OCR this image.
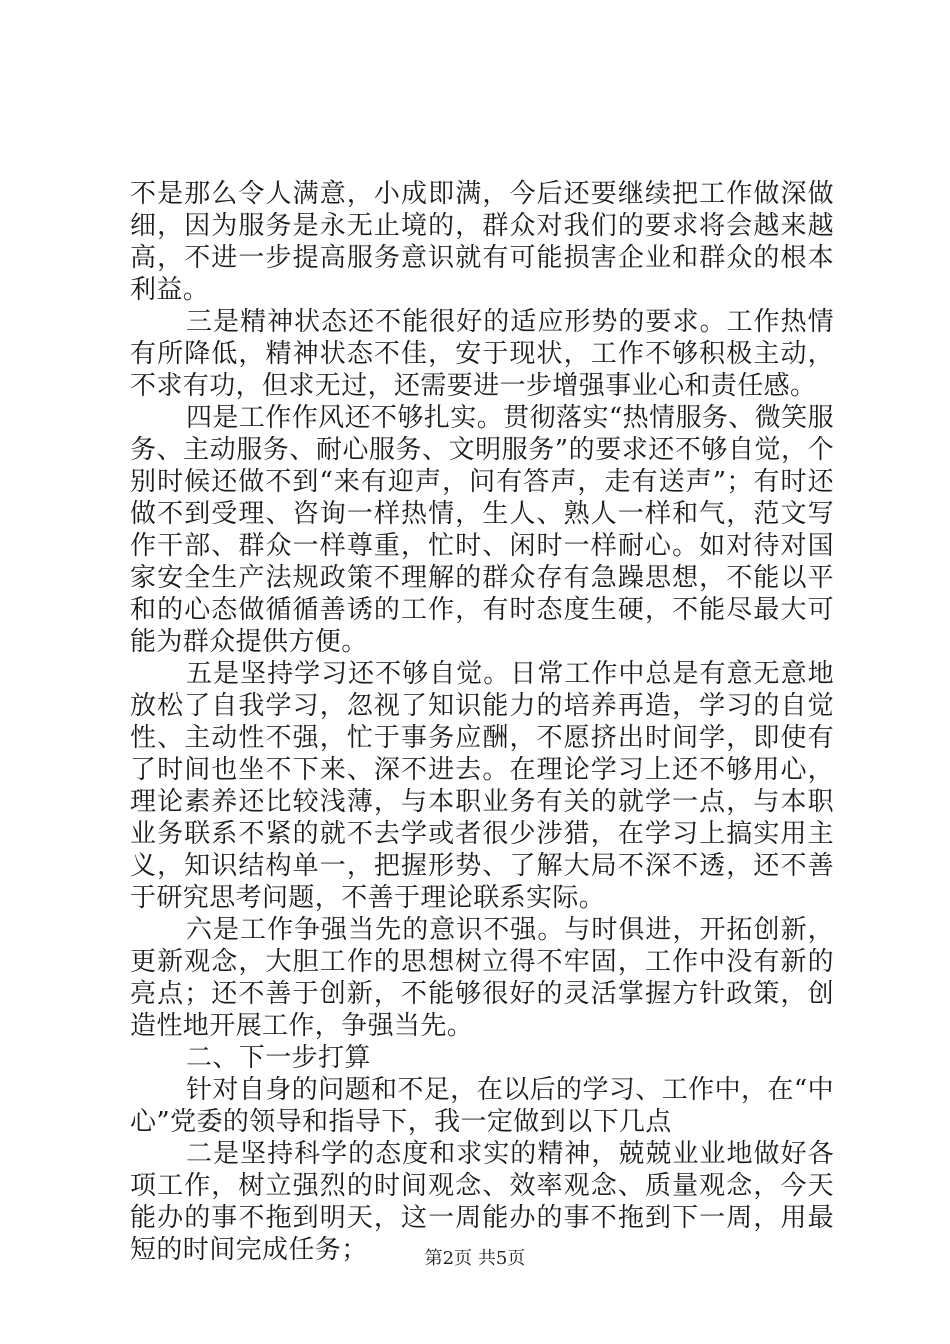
不是那么令人满意，小成即满，今后还要继续把工作做深做细，因为服务是永无止境的，群众对我们的要求将会越来越高，不进一步提高服务意识就有可能损害企业和群众的根本利益。

三是精神状态还不能很好的适应形势的要求。工作热情有所降低，精神状态不佳，安于现状，工作不够积极主动，不求有功，但求无过，还需要进一步增强事业心和责任感。

四是工作作风还不够扎实。贯彻落实“热情服务、微笑服务、主动服务、耐心服务、文明服务”的要求还不够自觉，个别时候还做不到“来有迎声，问有答声，走有送声”；有时还做不到受理、咨询一样热情，生人、熟人一样和气，范文写作干部、群众一样尊重，忙时、闲时一样耐心。如对待对国家安全生产法规政策不理解的群众存有急躁思想，不能以平和的心态做循循善诱的工作，有时态度生硬，不能尽最大可能为群众提供方便。

五是坚持学习还不够自觉。日常工作中总是有意无意地放松了自我学习，忽视了知识能力的培养再造，学习的自觉性、主动性不强，忙于事务应酬，不愿挤出时间学，即使有了时间也坐不下来、深不进去。在理论学习上还不够用心，理论素养还比较浅薄，与本职业务有关的就学一点，与本职业务联系不紧的就不去学或者很少涉猎，在学习上搞实用主义，知识结构单一，把握形势、了解大局不深不透，还不善于研究思考问题，不善于理论联系实际。

六是工作争强当先的意识不强。与时俱进，开拓创新，更新观念，大胆工作的思想树立得不牢固，工作中没有新的亮点；还不善于创新，不能够很好的灵活掌握方针政策，创造性地开展工作，争强当先。

二、下一步打算

针对自身的问题和不足，在以后的学习、工作中，在“中心”党委的领导和指导下，我一定做到以下几点

二是坚持科学的态度和求实的精神，兢兢业业地做好各项工作，树立强烈的时间观念、效率观念、质量观念，今天能办的事不拖到明天，这一周能办的事不拖到下一周，用最短的时间完成任务；	第2页 共5页
